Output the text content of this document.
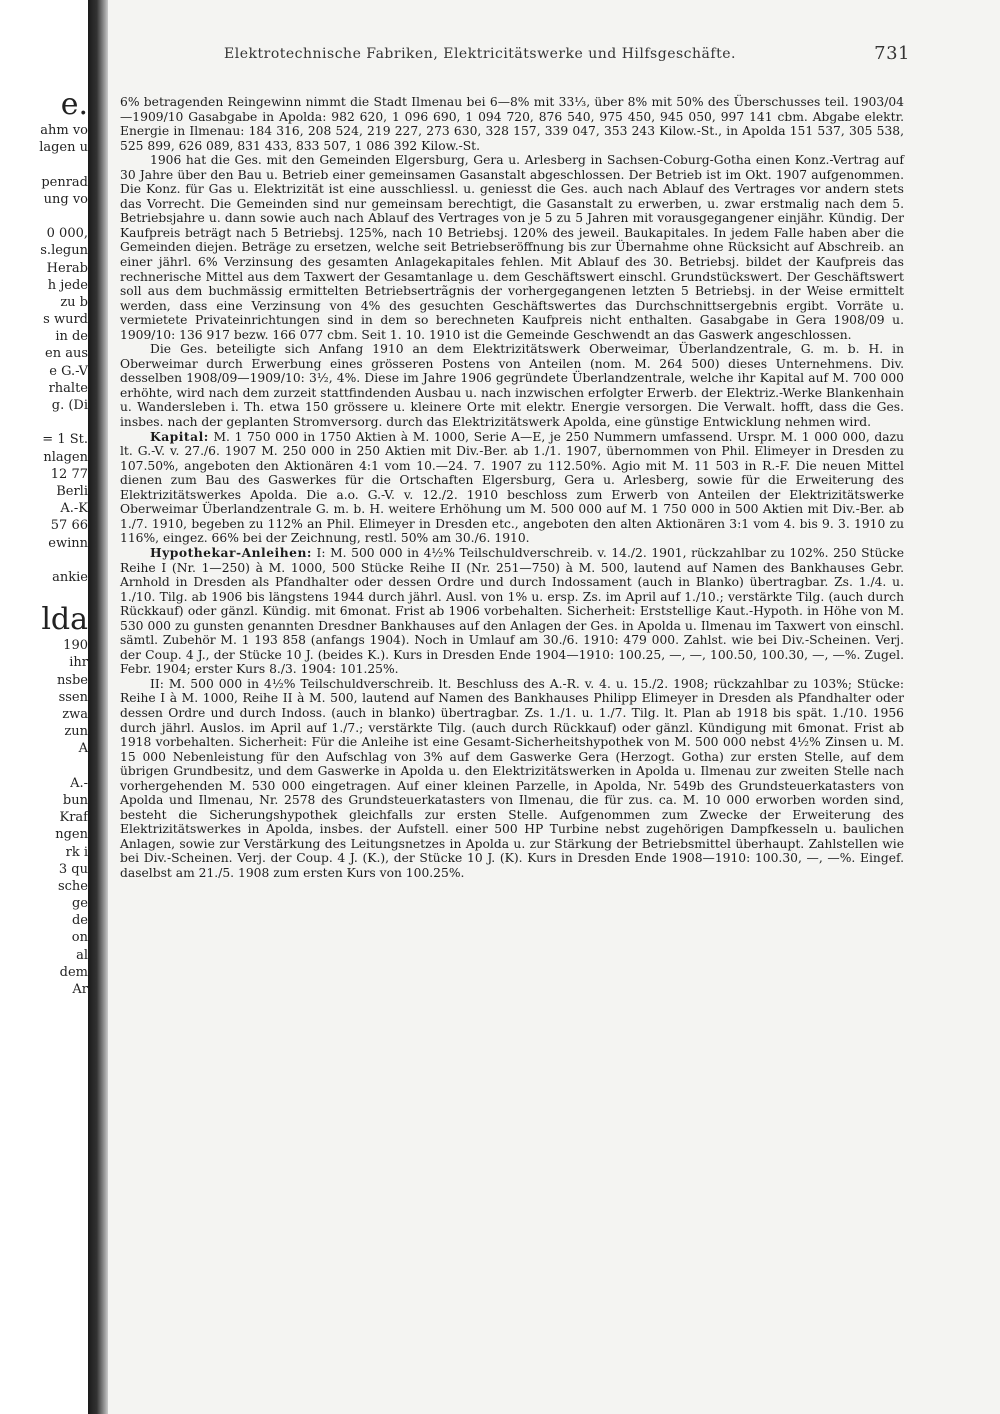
e.
ahm vo
lagen u
penrad
ung vo
0 000,
s.legun
Herab
h jede
zu b
s wurd
in de
en aus
e G.-V
rhalte
g. (Di
= 1 St.
nlagen
12 77
Berli
A.-K
57 66
ewinn
ankie
lda
190
ihr
nsbe
ssen
zwa
zun
A
A.-
bun
Kraf
ngen
rk i
3 qu
sche
ge
de
on
al
dem
Ar
Elektrotechnische Fabriken, Elektricitätswerke und Hilfsgeschäfte.	731

6% betragenden Reingewinn nimmt die Stadt Ilmenau bei 6—8% mit 33⅓, über 8% mit 50% des Überschusses teil. 1903/04—1909/10 Gasabgabe in Apolda: 982 620, 1 096 690, 1 094 720, 876 540, 975 450, 945 050, 997 141 cbm. Abgabe elektr. Energie in Ilmenau: 184 316, 208 524, 219 227, 273 630, 328 157, 339 047, 353 243 Kilow.-St., in Apolda 151 537, 305 538, 525 899, 626 089, 831 433, 833 507, 1 086 392 Kilow.-St.

1906 hat die Ges. mit den Gemeinden Elgersburg, Gera u. Arlesberg in Sachsen-Coburg-Gotha einen Konz.-Vertrag auf 30 Jahre über den Bau u. Betrieb einer gemeinsamen Gasanstalt abgeschlossen. Der Betrieb ist im Okt. 1907 aufgenommen. Die Konz. für Gas u. Elektrizität ist eine ausschliessl. u. geniesst die Ges. auch nach Ablauf des Vertrages vor andern stets das Vorrecht. Die Gemeinden sind nur gemeinsam berechtigt, die Gasanstalt zu erwerben, u. zwar erstmalig nach dem 5. Betriebsjahre u. dann sowie auch nach Ablauf des Vertrages von je 5 zu 5 Jahren mit vorausgegangener einjähr. Kündig. Der Kaufpreis beträgt nach 5 Betriebsj. 125%, nach 10 Betriebsj. 120% des jeweil. Baukapitales. In jedem Falle haben aber die Gemeinden diejen. Beträge zu ersetzen, welche seit Betriebseröffnung bis zur Übernahme ohne Rücksicht auf Abschreib. an einer jährl. 6% Verzinsung des gesamten Anlagekapitales fehlen. Mit Ablauf des 30. Betriebsj. bildet der Kaufpreis das rechnerische Mittel aus dem Taxwert der Gesamtanlage u. dem Geschäftswert einschl. Grundstückswert. Der Geschäftswert soll aus dem buchmässig ermittelten Betriebsertrãgnis der vorhergegangenen letzten 5 Betriebsj. in der Weise ermittelt werden, dass eine Verzinsung von 4% des gesuchten Geschäftswertes das Durchschnittsergebnis ergibt. Vorräte u. vermietete Privateinrichtungen sind in dem so berechneten Kaufpreis nicht enthalten. Gasabgabe in Gera 1908/09 u. 1909/10: 136 917 bezw. 166 077 cbm. Seit 1. 10. 1910 ist die Gemeinde Geschwendt an das Gaswerk angeschlossen.

Die Ges. beteiligte sich Anfang 1910 an dem Elektrizitätswerk Oberweimar, Überlandzentrale, G. m. b. H. in Oberweimar durch Erwerbung eines grösseren Postens von Anteilen (nom. M. 264 500) dieses Unternehmens. Div. desselben 1908/09—1909/10: 3½, 4%. Diese im Jahre 1906 gegründete Überlandzentrale, welche ihr Kapital auf M. 700 000 erhöhte, wird nach dem zurzeit stattfindenden Ausbau u. nach inzwischen erfolgter Erwerb. der Elektriz.-Werke Blankenhain u. Wandersleben i. Th. etwa 150 grössere u. kleinere Orte mit elektr. Energie versorgen. Die Verwalt. hofft, dass die Ges. insbes. nach der geplanten Stromversorg. durch das Elektrizitätswerk Apolda, eine günstige Entwicklung nehmen wird.

Kapital: M. 1 750 000 in 1750 Aktien à M. 1000, Serie A—E, je 250 Nummern umfassend. Urspr. M. 1 000 000, dazu lt. G.-V. v. 27./6. 1907 M. 250 000 in 250 Aktien mit Div.-Ber. ab 1./1. 1907, übernommen von Phil. Elimeyer in Dresden zu 107.50%, angeboten den Aktionären 4:1 vom 10.—24. 7. 1907 zu 112.50%. Agio mit M. 11 503 in R.-F. Die neuen Mittel dienen zum Bau des Gaswerkes für die Ortschaften Elgersburg, Gera u. Arlesberg, sowie für die Erweiterung des Elektrizitätswerkes Apolda. Die a.o. G.-V. v. 12./2. 1910 beschloss zum Erwerb von Anteilen der Elektrizitätswerke Oberweimar Überlandzentrale G. m. b. H. weitere Erhöhung um M. 500 000 auf M. 1 750 000 in 500 Aktien mit Div.-Ber. ab 1./7. 1910, begeben zu 112% an Phil. Elimeyer in Dresden etc., angeboten den alten Aktionären 3:1 vom 4. bis 9. 3. 1910 zu 116%, eingez. 66% bei der Zeichnung, restl. 50% am 30./6. 1910.

Hypothekar-Anleihen: I: M. 500 000 in 4½% Teilschuldverschreib. v. 14./2. 1901, rückzahlbar zu 102%. 250 Stücke Reihe I (Nr. 1—250) à M. 1000, 500 Stücke Reihe II (Nr. 251—750) à M. 500, lautend auf Namen des Bankhauses Gebr. Arnhold in Dresden als Pfandhalter oder dessen Ordre und durch Indossament (auch in Blanko) übertragbar. Zs. 1./4. u. 1./10. Tilg. ab 1906 bis längstens 1944 durch jährl. Ausl. von 1% u. ersp. Zs. im April auf 1./10.; verstärkte Tilg. (auch durch Rückkauf) oder gänzl. Kündig. mit 6monat. Frist ab 1906 vorbehalten. Sicherheit: Erststellige Kaut.-Hypoth. in Höhe von M. 530 000 zu gunsten genannten Dresdner Bankhauses auf den Anlagen der Ges. in Apolda u. Ilmenau im Taxwert von einschl. sämtl. Zubehör M. 1 193 858 (anfangs 1904). Noch in Umlauf am 30./6. 1910: 479 000. Zahlst. wie bei Div.-Scheinen. Verj. der Coup. 4 J., der Stücke 10 J. (beides K.). Kurs in Dresden Ende 1904—1910: 100.25, —, —, 100.50, 100.30, —, —%. Zugel. Febr. 1904; erster Kurs 8./3. 1904: 101.25%.

II: M. 500 000 in 4½% Teilschuldverschreib. lt. Beschluss des A.-R. v. 4. u. 15./2. 1908; rückzahlbar zu 103%; Stücke: Reihe I à M. 1000, Reihe II à M. 500, lautend auf Namen des Bankhauses Philipp Elimeyer in Dresden als Pfandhalter oder dessen Ordre und durch Indoss. (auch in blanko) übertragbar. Zs. 1./1. u. 1./7. Tilg. lt. Plan ab 1918 bis spät. 1./10. 1956 durch jährl. Auslos. im April auf 1./7.; verstärkte Tilg. (auch durch Rückkauf) oder gänzl. Kündigung mit 6monat. Frist ab 1918 vorbehalten. Sicherheit: Für die Anleihe ist eine Gesamt-Sicherheitshypothek von M. 500 000 nebst 4½% Zinsen u. M. 15 000 Nebenleistung für den Aufschlag von 3% auf dem Gaswerke Gera (Herzogt. Gotha) zur ersten Stelle, auf dem übrigen Grundbesitz, und dem Gaswerke in Apolda u. den Elektrizitätswerken in Apolda u. Ilmenau zur zweiten Stelle nach vorhergehenden M. 530 000 eingetragen. Auf einer kleinen Parzelle, in Apolda, Nr. 549b des Grundsteuerkatasters von Apolda und Ilmenau, Nr. 2578 des Grundsteuerkatasters von Ilmenau, die für zus. ca. M. 10 000 erworben worden sind, besteht die Sicherungshypothek gleichfalls zur ersten Stelle. Aufgenommen zum Zwecke der Erweiterung des Elektrizitätswerkes in Apolda, insbes. der Aufstell. einer 500 HP Turbine nebst zugehörigen Dampfkesseln u. baulichen Anlagen, sowie zur Verstärkung des Leitungsnetzes in Apolda u. zur Stärkung der Betriebsmittel überhaupt. Zahlstellen wie bei Div.-Scheinen. Verj. der Coup. 4 J. (K.), der Stücke 10 J. (K). Kurs in Dresden Ende 1908—1910: 100.30, —, —%. Eingef. daselbst am 21./5. 1908 zum ersten Kurs von 100.25%.
